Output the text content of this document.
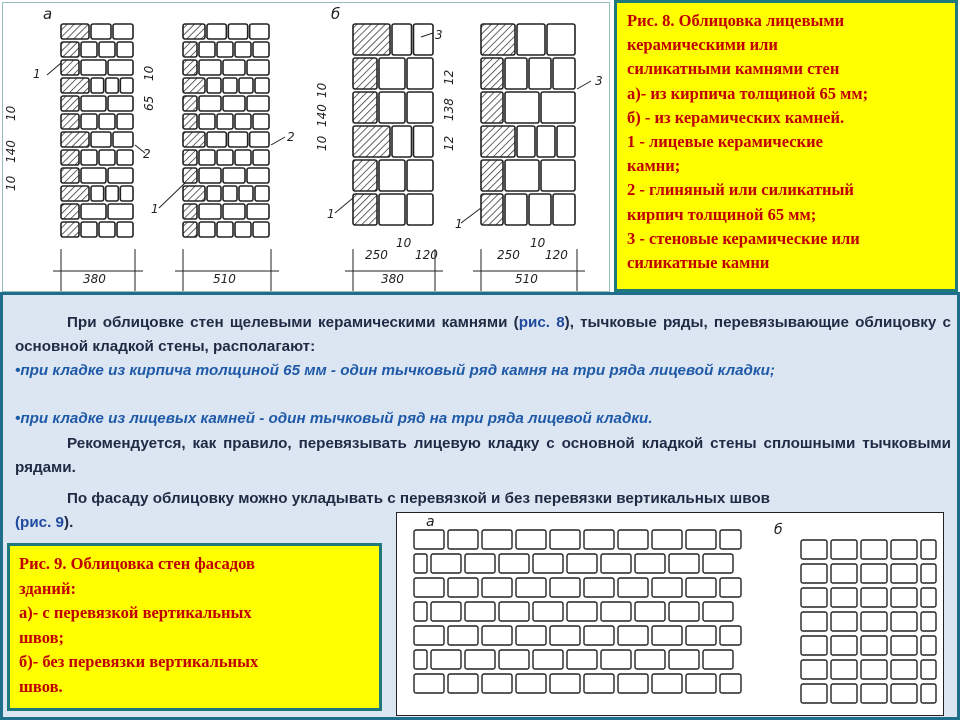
а	б
1
2
1
2
3
1
1
3
10
65
10
140
10
10
140
10
12
138
12
380	510
250
10
120
380
250
10
120
510
Рис. 8. Облицовка лицевыми
керамическими или
силикатными камнями стен
а)- из кирпича толщиной 65 мм;
б) - из керамических камней.
1 - лицевые керамические
камни;
2 - глиняный или силикатный
кирпич толщиной 65 мм;
3 - стеновые керамические или
силикатные камни
При облицовке стен щелевыми керамическими камнями (рис. 8), тычковые ряды, перевязывающие облицовку с основной кладкой стены, располагают:
•при кладке из кирпича толщиной 65 мм - один тычковый ряд камня на три ряда лицевой кладки;
•при кладке из лицевых камней - один тычковый ряд на три ряда лицевой кладки.
Рекомендуется, как правило, перевязывать лицевую кладку с основной кладкой стены сплошными тычковыми рядами.
По фасаду облицовку можно укладывать с перевязкой и без перевязки вертикальных швов
(рис. 9).
Рис. 9. Облицовка стен фасадов
зданий:
а)- с перевязкой вертикальных
швов;
б)- без перевязки вертикальных
швов.
а	б
